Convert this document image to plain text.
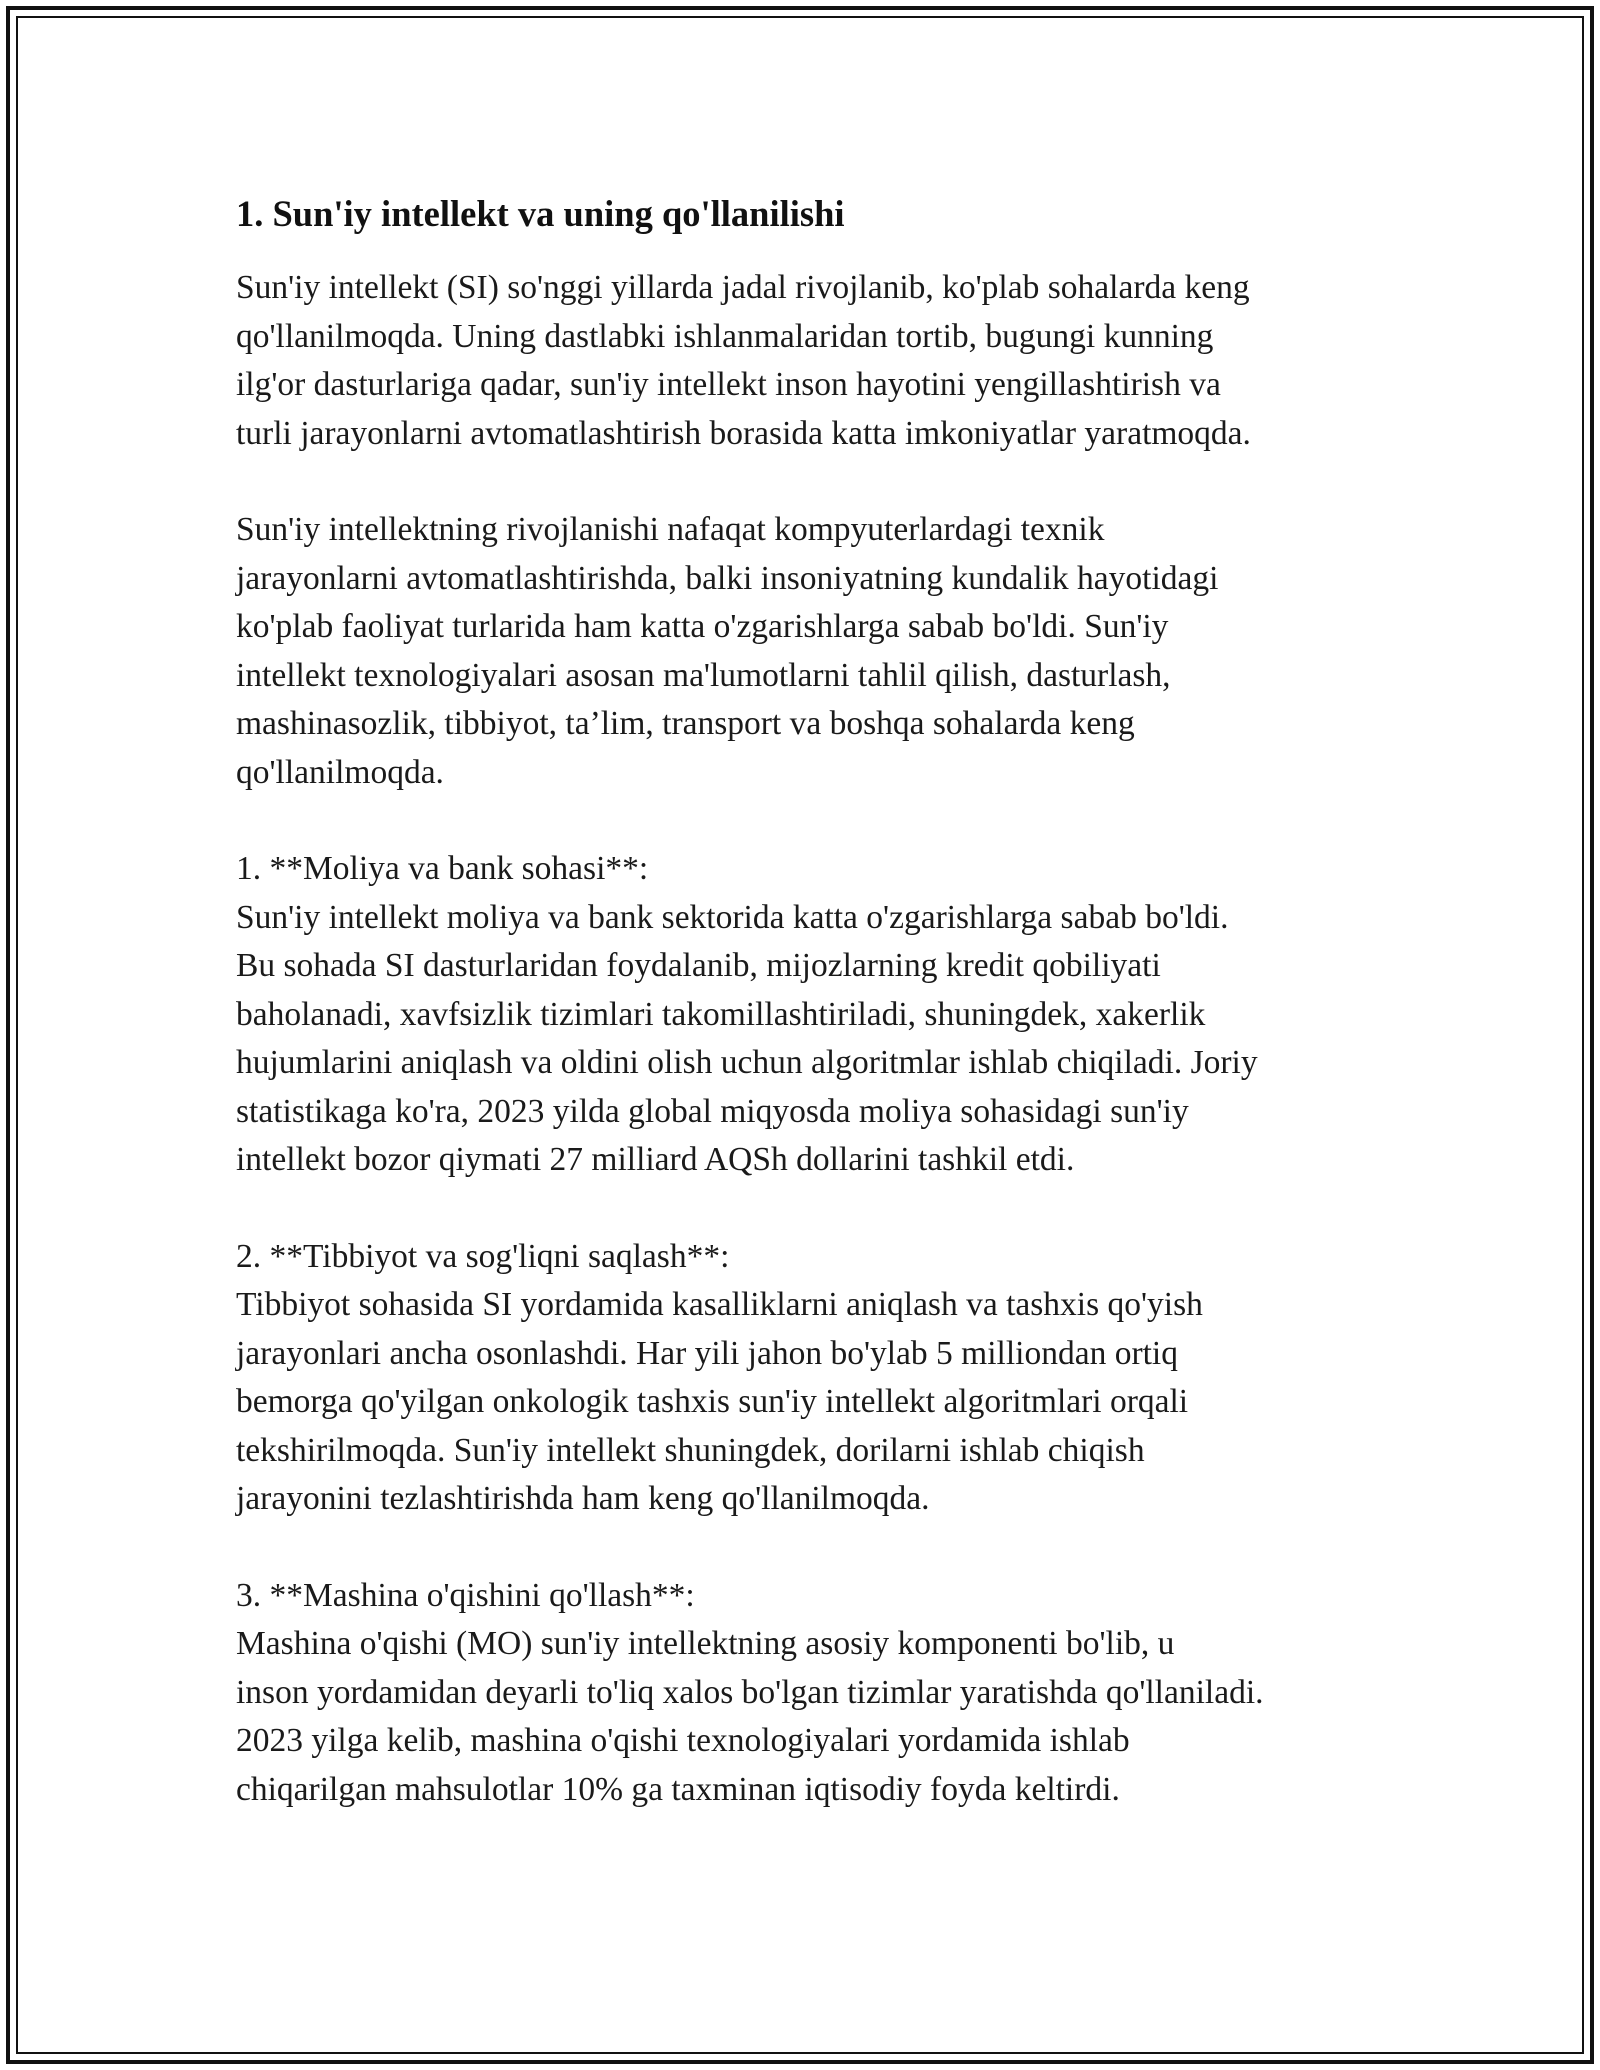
1. Sun'iy intellekt va uning qo'llanilishi

Sun'iy intellekt (SI) so'nggi yillarda jadal rivojlanib, ko'plab sohalarda keng
qo'llanilmoqda. Uning dastlabki ishlanmalaridan tortib, bugungi kunning
ilg'or dasturlariga qadar, sun'iy intellekt inson hayotini yengillashtirish va
turli jarayonlarni avtomatlashtirish borasida katta imkoniyatlar yaratmoqda.

Sun'iy intellektning rivojlanishi nafaqat kompyuterlardagi texnik
jarayonlarni avtomatlashtirishda, balki insoniyatning kundalik hayotidagi
ko'plab faoliyat turlarida ham katta o'zgarishlarga sabab bo'ldi. Sun'iy
intellekt texnologiyalari asosan ma'lumotlarni tahlil qilish, dasturlash,
mashinasozlik, tibbiyot, ta’lim, transport va boshqa sohalarda keng
qo'llanilmoqda.

1. **Moliya va bank sohasi**:
Sun'iy intellekt moliya va bank sektorida katta o'zgarishlarga sabab bo'ldi.
Bu sohada SI dasturlaridan foydalanib, mijozlarning kredit qobiliyati
baholanadi, xavfsizlik tizimlari takomillashtiriladi, shuningdek, xakerlik
hujumlarini aniqlash va oldini olish uchun algoritmlar ishlab chiqiladi. Joriy
statistikaga ko'ra, 2023 yilda global miqyosda moliya sohasidagi sun'iy
intellekt bozor qiymati 27 milliard AQSh dollarini tashkil etdi.
2. **Tibbiyot va sog'liqni saqlash**:
Tibbiyot sohasida SI yordamida kasalliklarni aniqlash va tashxis qo'yish
jarayonlari ancha osonlashdi. Har yili jahon bo'ylab 5 milliondan ortiq
bemorga qo'yilgan onkologik tashxis sun'iy intellekt algoritmlari orqali
tekshirilmoqda. Sun'iy intellekt shuningdek, dorilarni ishlab chiqish
jarayonini tezlashtirishda ham keng qo'llanilmoqda.
3. **Mashina o'qishini qo'llash**:
Mashina o'qishi (MO) sun'iy intellektning asosiy komponenti bo'lib, u
inson yordamidan deyarli to'liq xalos bo'lgan tizimlar yaratishda qo'llaniladi.
2023 yilga kelib, mashina o'qishi texnologiyalari yordamida ishlab
chiqarilgan mahsulotlar 10% ga taxminan iqtisodiy foyda keltirdi.
